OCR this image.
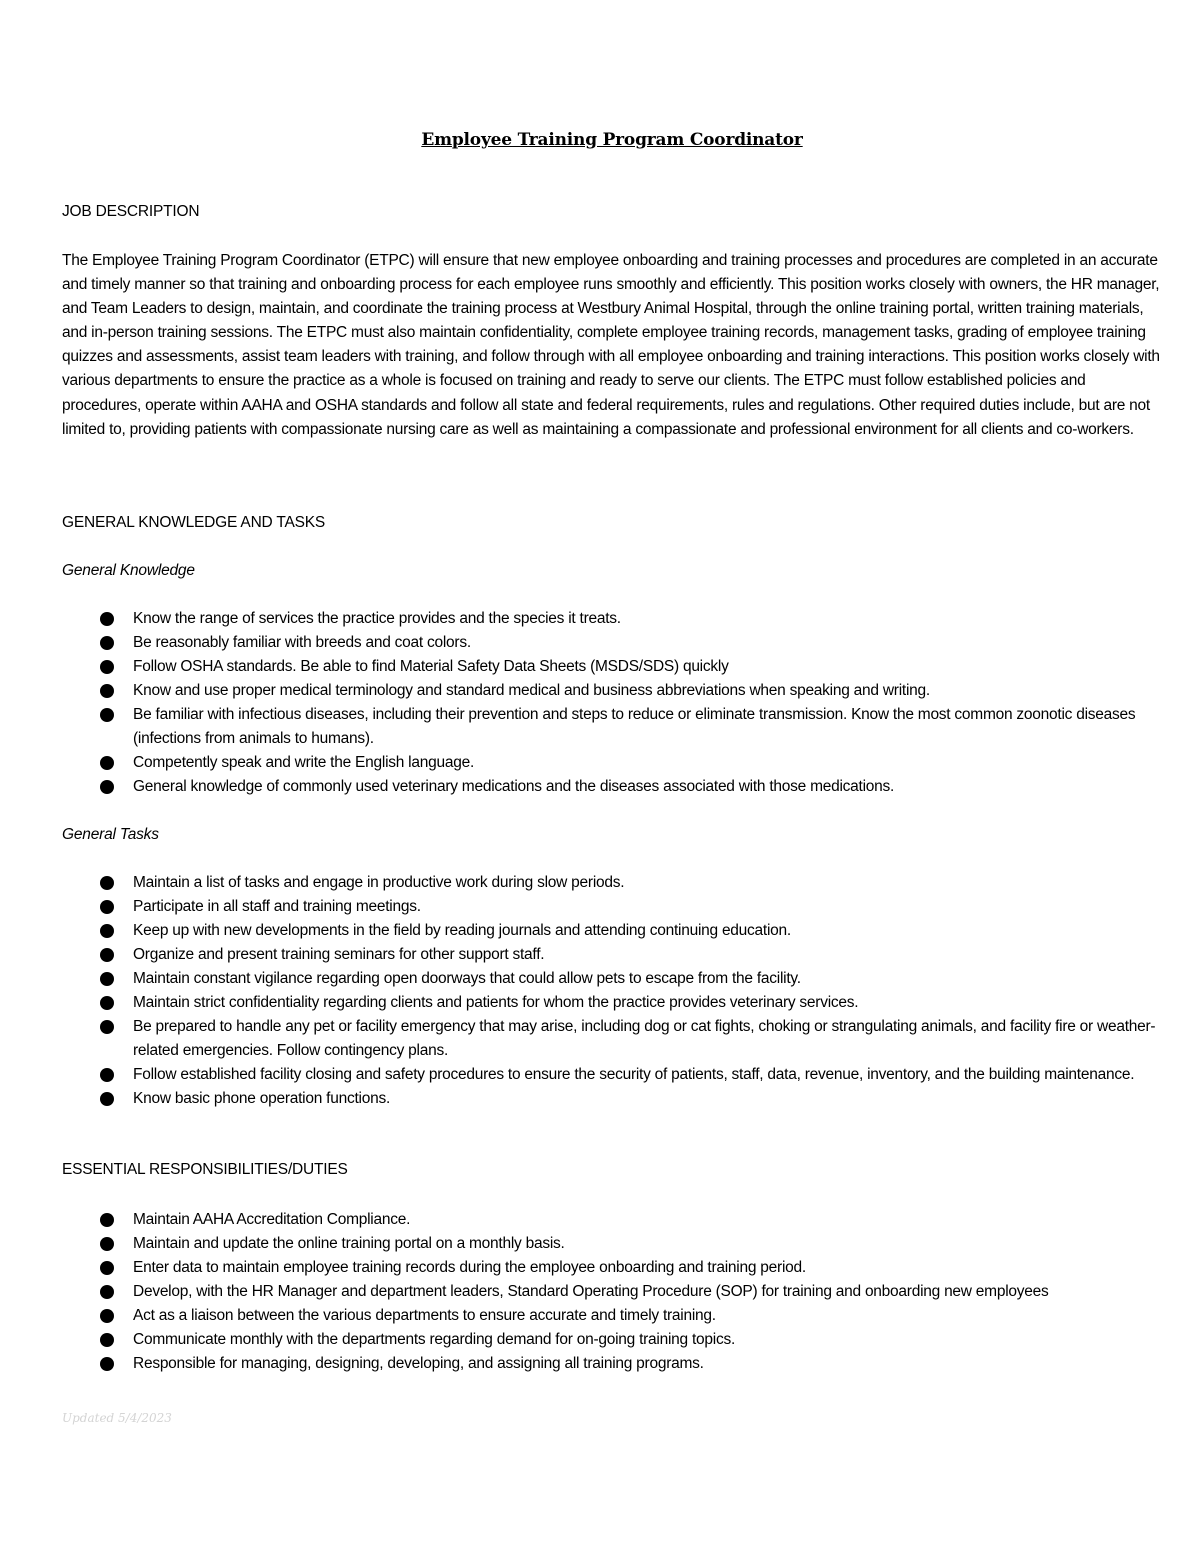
Employee Training Program Coordinator
JOB DESCRIPTION
The Employee Training Program Coordinator (ETPC) will ensure that new employee onboarding and training processes and procedures are completed in an accurate and timely manner so that training and onboarding process for each employee runs smoothly and efficiently. This position works closely with owners, the HR manager, and Team Leaders to design, maintain, and coordinate the training process at Westbury Animal Hospital, through the online training portal, written training materials, and in-person training sessions. The ETPC must also maintain confidentiality, complete employee training records, management tasks, grading of employee training quizzes and assessments, assist team leaders with training, and follow through with all employee onboarding and training interactions. This position works closely with various departments to ensure the practice as a whole is focused on training and ready to serve our clients. The ETPC must follow established policies and procedures, operate within AAHA and OSHA standards and follow all state and federal requirements, rules and regulations. Other required duties include, but are not limited to, providing patients with compassionate nursing care as well as maintaining a compassionate and professional environment for all clients and co-workers.
GENERAL KNOWLEDGE AND TASKS
General Knowledge
Know the range of services the practice provides and the species it treats.
Be reasonably familiar with breeds and coat colors.
Follow OSHA standards. Be able to find Material Safety Data Sheets (MSDS/SDS) quickly
Know and use proper medical terminology and standard medical and business abbreviations when speaking and writing.
Be familiar with infectious diseases, including their prevention and steps to reduce or eliminate transmission. Know the most common zoonotic diseases (infections from animals to humans).
Competently speak and write the English language.
General knowledge of commonly used veterinary medications and the diseases associated with those medications.
General Tasks
Maintain a list of tasks and engage in productive work during slow periods.
Participate in all staff and training meetings.
Keep up with new developments in the field by reading journals and attending continuing education.
Organize and present training seminars for other support staff.
Maintain constant vigilance regarding open doorways that could allow pets to escape from the facility.
Maintain strict confidentiality regarding clients and patients for whom the practice provides veterinary services.
Be prepared to handle any pet or facility emergency that may arise, including dog or cat fights, choking or strangulating animals, and facility fire or weather-related emergencies. Follow contingency plans.
Follow established facility closing and safety procedures to ensure the security of patients, staff, data, revenue, inventory, and the building maintenance.
Know basic phone operation functions.
ESSENTIAL RESPONSIBILITIES/DUTIES
Maintain AAHA Accreditation Compliance.
Maintain and update the online training portal on a monthly basis.
Enter data to maintain employee training records during the employee onboarding and training period.
Develop, with the HR Manager and department leaders, Standard Operating Procedure (SOP) for training and onboarding new employees
Act as a liaison between the various departments to ensure accurate and timely training.
Communicate monthly with the departments regarding demand for on-going training topics.
Responsible for managing, designing, developing, and assigning all training programs.
Updated 5/4/2023
